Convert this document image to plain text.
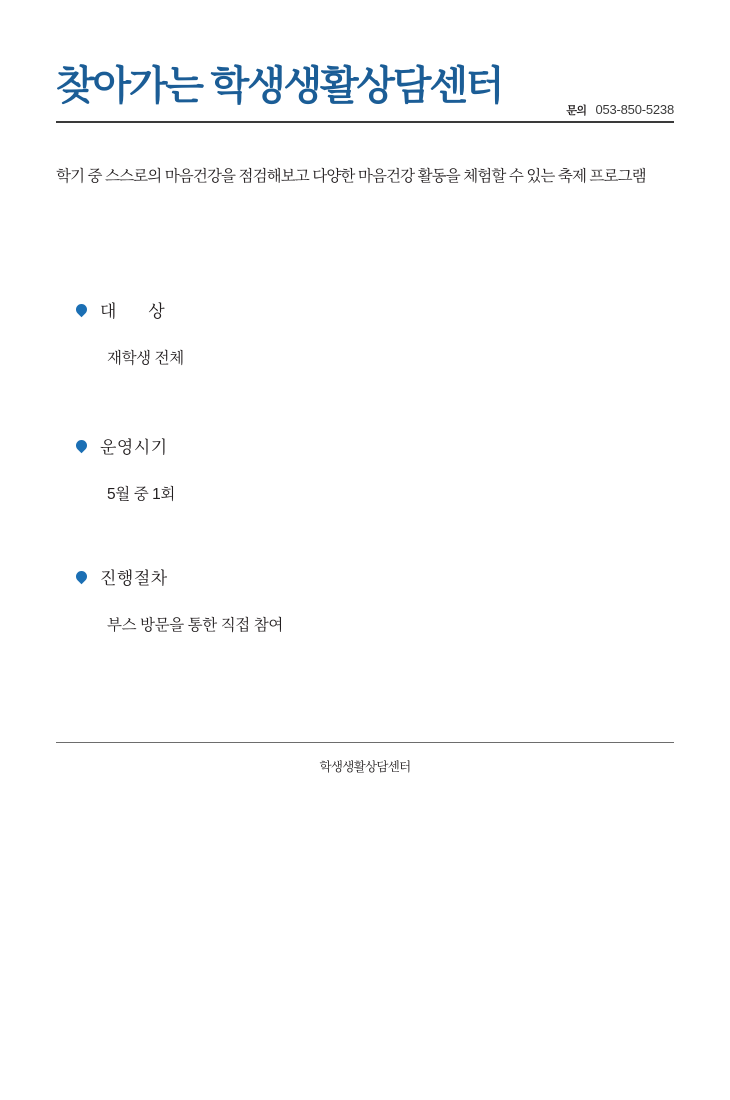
찾아가는 학생생활상담센터
문의 053-850-5238
학기 중 스스로의 마음건강을 점검해보고 다양한 마음건강 활동을 체험할 수 있는 축제 프로그램
대      상
재학생 전체
운영시기
5월 중 1회
진행절차
부스 방문을 통한 직접 참여
학생생활상담센터
